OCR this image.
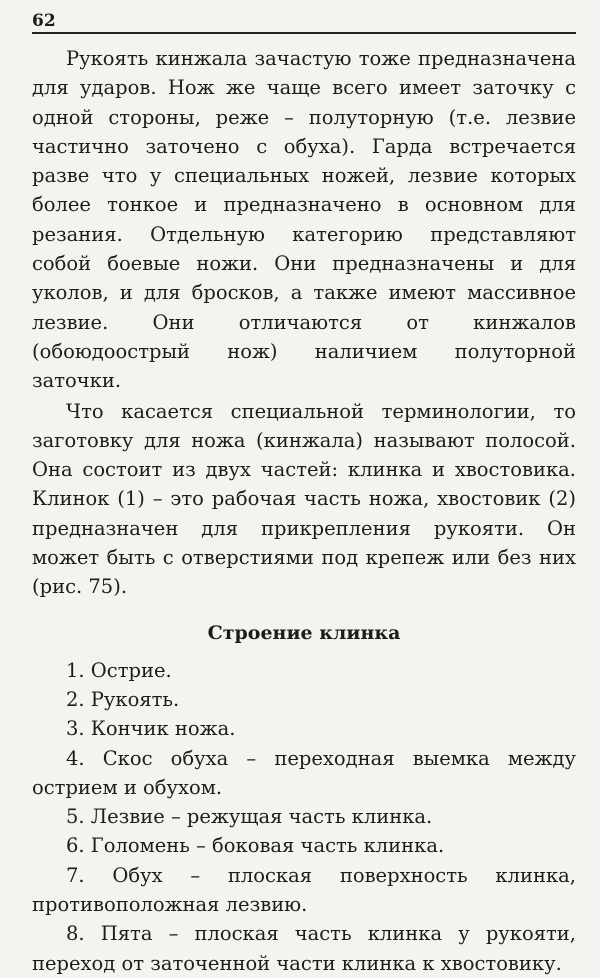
62

Рукоять кинжала зачастую тоже предназначена для ударов. Нож же чаще всего имеет заточку с одной стороны, реже – полуторную (т.е. лезвие частично заточено с обуха). Гарда встречается разве что у специальных ножей, лезвие которых более тонкое и предназначено в основном для резания. Отдельную категорию представляют собой боевые ножи. Они предназначены и для уколов, и для бросков, а также имеют массивное лезвие. Они отличаются от кинжалов (обоюдоострый нож) наличием полуторной заточки.

Что касается специальной терминологии, то заготовку для ножа (кинжала) называют полосой. Она состоит из двух частей: клинка и хвостовика. Клинок (1) – это рабочая часть ножа, хвостовик (2) предназначен для прикрепления рукояти. Он может быть с отверстиями под крепеж или без них (рис. 75).

Строение клинка
1. Острие.
2. Рукоять.
3. Кончик ножа.
4. Скос обуха – переходная выемка между острием и обухом.
5. Лезвие – режущая часть клинка.
6. Голомень – боковая часть клинка.
7. Обух – плоская поверхность клинка, противоположная лезвию.
8. Пята – плоская часть клинка у рукояти, переход от заточенной части клинка к хвостовику.
